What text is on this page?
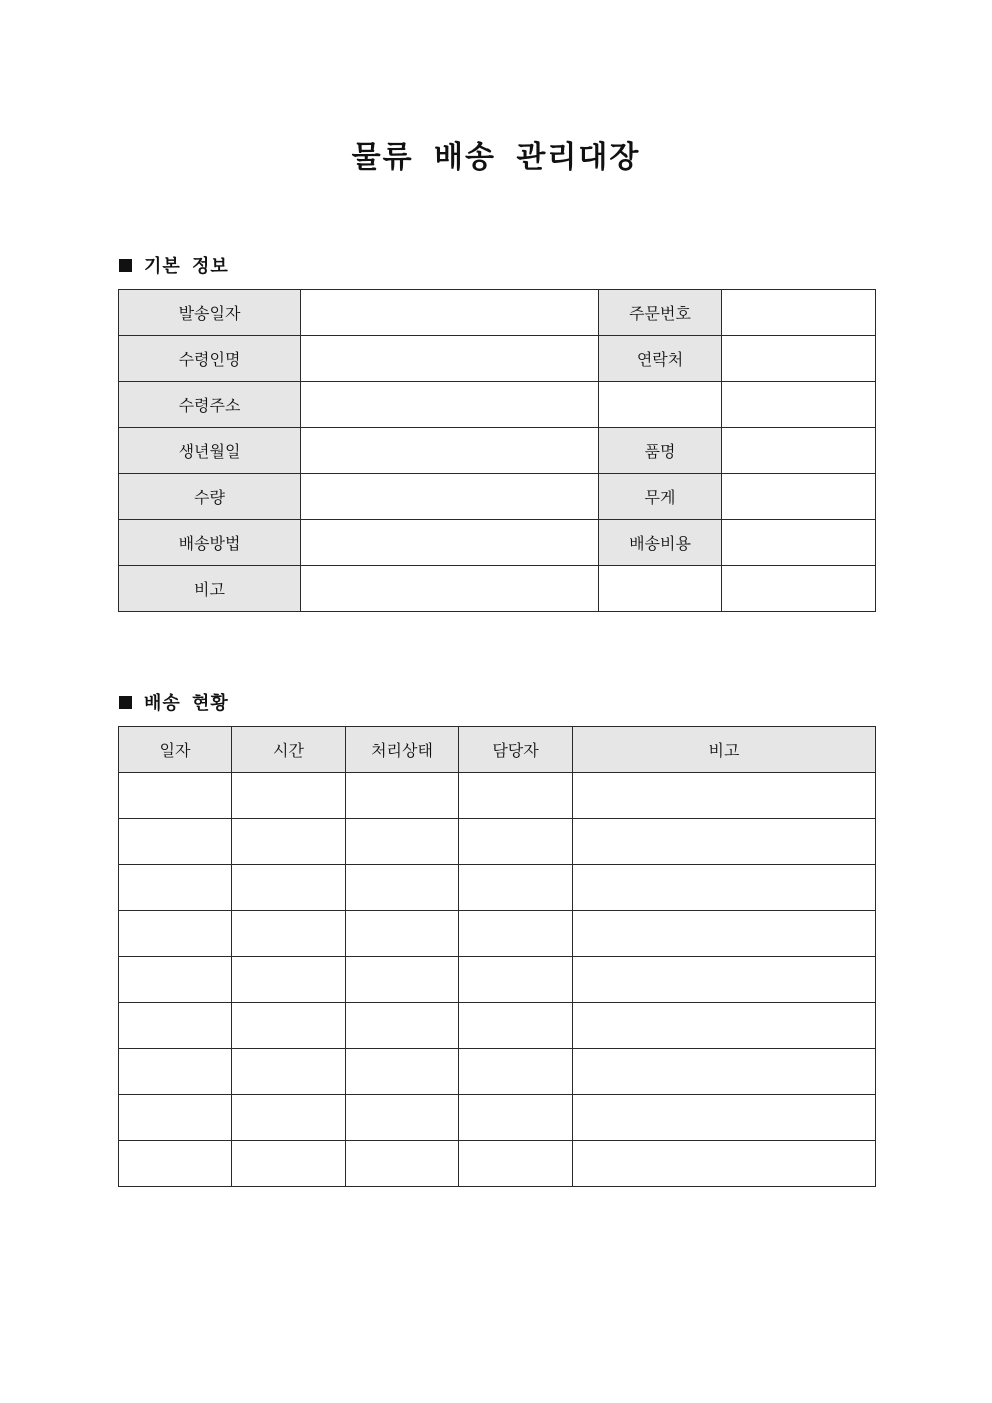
물류 배송 관리대장
기본 정보
발송일자		주문번호	
수령인명		연락처	
수령주소			
생년월일		품명	
수량		무게	
배송방법		배송비용	
비고			
배송 현황
일자	시간	처리상태	담당자	비고
